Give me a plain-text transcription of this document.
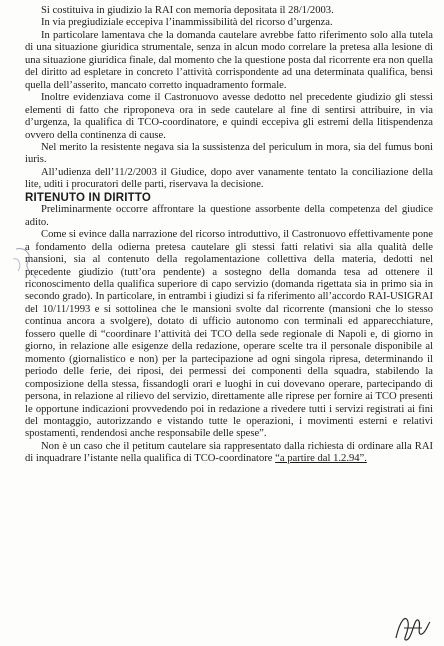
Si costituiva in giudizio la RAI con memoria depositata il 28/1/2003.

In via pregiudiziale eccepiva l’inammissibilità del ricorso d’urgenza.

In particolare lamentava che la domanda cautelare avrebbe fatto riferimento solo alla tutela di una situazione giuridica strumentale, senza in alcun modo correlare la pretesa alla lesione di una situazione giuridica finale, dal momento che la questione posta dal ricorrente era non quella del diritto ad espletare in concreto l’attività corrispondente ad una determinata qualifica, bensì quella dell’asserito, mancato corretto inquadramento formale.

Inoltre evidenziava come il Castronuovo avesse dedotto nel precedente giudizio gli stessi elementi di fatto che riproponeva ora in sede cautelare al fine di sentirsi attribuire, in via d’urgenza, la qualifica di TCO-coordinatore, e quindi eccepiva gli estremi della litispendenza ovvero della continenza di cause.

Nel merito la resistente negava sia la sussistenza del periculum in mora, sia del fumus boni iuris.

All’udienza dell’11/2/2003 il Giudice, dopo aver vanamente tentato la conciliazione della lite, uditi i procuratori delle parti, riservava la decisione.

RITENUTO IN DIRITTO

Preliminarmente occorre affrontare la questione assorbente della competenza del giudice adito.

Come si evince dalla narrazione del ricorso introduttivo, il Castronuovo effettivamente pone a fondamento della odierna pretesa cautelare gli stessi fatti relativi sia alla qualità delle mansioni, sia al contenuto della regolamentazione collettiva della materia, dedotti nel precedente giudizio (tutt’ora pendente) a sostegno della domanda tesa ad ottenere il riconoscimento della qualifica superiore di capo servizio (domanda rigettata sia in primo sia in secondo grado). In particolare, in entrambi i giudizi si fa riferimento all’accordo RAI-USIGRAI del 10/11/1993 e si sottolinea che le mansioni svolte dal ricorrente (mansioni che lo stesso continua ancora a svolgere), dotato di ufficio autonomo con terminali ed apparecchiature, fossero quelle di “coordinare l’attività dei TCO della sede regionale di Napoli e, di giorno in giorno, in relazione alle esigenze della redazione, operare scelte tra il personale disponibile al momento (giornalistico e non) per la partecipazione ad ogni singola ripresa, determinando il periodo delle ferie, dei riposi, dei permessi dei componenti della squadra, stabilendo la composizione della stessa, fissandogli orari e luoghi in cui dovevano operare, partecipando di persona, in relazione al rilievo del servizio, direttamente alle riprese per fornire ai TCO presenti le opportune indicazioni provvedendo poi in redazione a rivedere tutti i servizi registrati ai fini del montaggio, autorizzando e vistando tutte le operazioni, i movimenti esterni e relativi spostamenti, rendendosi anche responsabile delle spese”.

Non è un caso che il petitum cautelare sia rappresentato dalla richiesta di ordinare alla RAI di inquadrare l’istante nella qualifica di TCO-coordinatore “a partire dal 1.2.94”.
